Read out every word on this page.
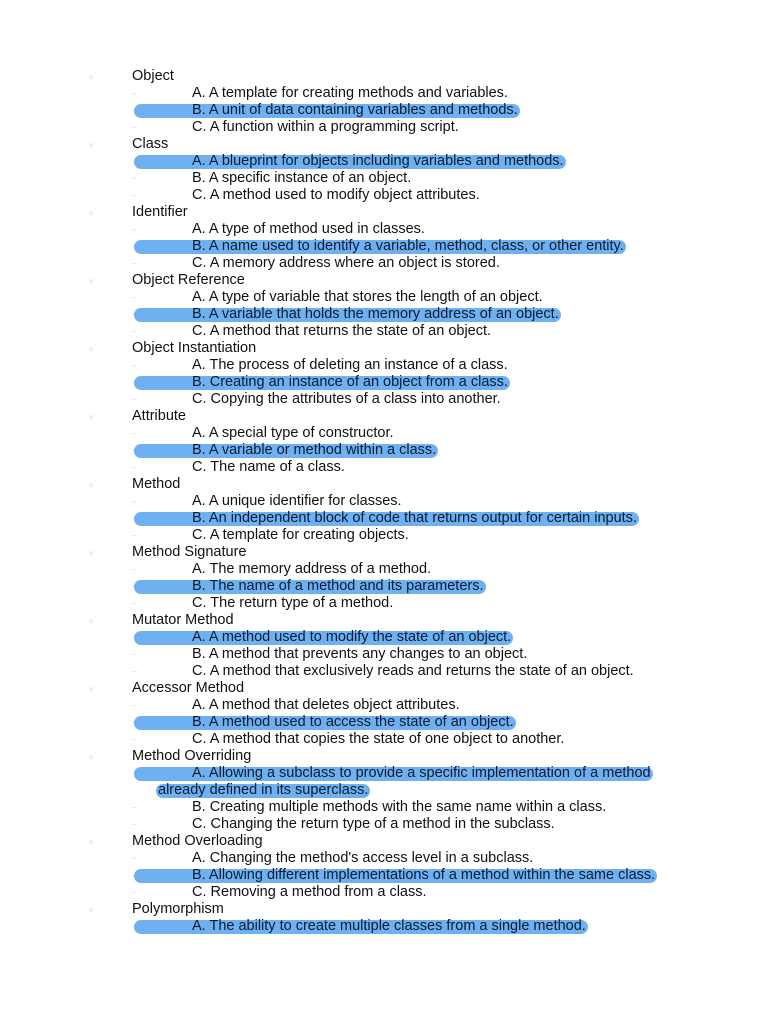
Object
A. A template for creating methods and variables.
B. A unit of data containing variables and methods.
C. A function within a programming script.
Class
A. A blueprint for objects including variables and methods.
B. A specific instance of an object.
C. A method used to modify object attributes.
Identifier
A. A type of method used in classes.
B. A name used to identify a variable, method, class, or other entity.
C. A memory address where an object is stored.
Object Reference
A. A type of variable that stores the length of an object.
B. A variable that holds the memory address of an object.
C. A method that returns the state of an object.
Object Instantiation
A. The process of deleting an instance of a class.
B. Creating an instance of an object from a class.
C. Copying the attributes of a class into another.
Attribute
A. A special type of constructor.
B. A variable or method within a class.
C. The name of a class.
Method
A. A unique identifier for classes.
B. An independent block of code that returns output for certain inputs.
C. A template for creating objects.
Method Signature
A. The memory address of a method.
B. The name of a method and its parameters.
C. The return type of a method.
Mutator Method
A. A method used to modify the state of an object.
B. A method that prevents any changes to an object.
C. A method that exclusively reads and returns the state of an object.
Accessor Method
A. A method that deletes object attributes.
B. A method used to access the state of an object.
C. A method that copies the state of one object to another.
Method Overriding
A. Allowing a subclass to provide a specific implementation of a method
already defined in its superclass.
B. Creating multiple methods with the same name within a class.
C. Changing the return type of a method in the subclass.
Method Overloading
A. Changing the method's access level in a subclass.
B. Allowing different implementations of a method within the same class.
C. Removing a method from a class.
Polymorphism
A. The ability to create multiple classes from a single method.
